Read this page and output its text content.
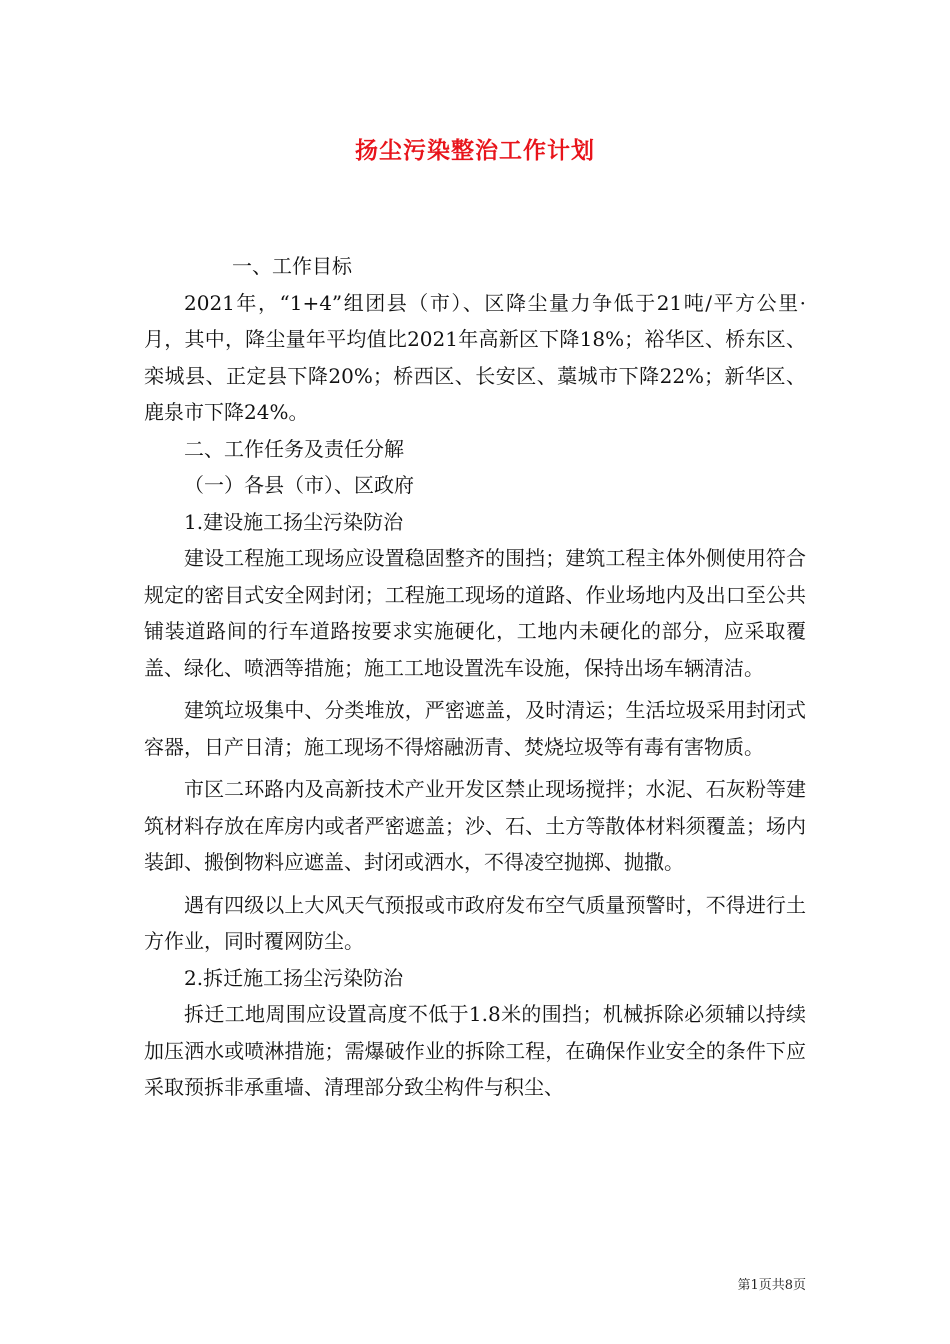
扬尘污染整治工作计划

一、工作目标

2021年，“1+4”组团县（市）、区降尘量力争低于21吨/平方公里·月，其中，降尘量年平均值比2021年高新区下降18%；裕华区、桥东区、栾城县、正定县下降20%；桥西区、长安区、藁城市下降22%；新华区、鹿泉市下降24%。

二、工作任务及责任分解

（一）各县（市）、区政府

1.建设施工扬尘污染防治

建设工程施工现场应设置稳固整齐的围挡；建筑工程主体外侧使用符合规定的密目式安全网封闭；工程施工现场的道路、作业场地内及出口至公共铺装道路间的行车道路按要求实施硬化，工地内未硬化的部分，应采取覆盖、绿化、喷洒等措施；施工工地设置洗车设施，保持出场车辆清洁。

建筑垃圾集中、分类堆放，严密遮盖，及时清运；生活垃圾采用封闭式容器，日产日清；施工现场不得熔融沥青、焚烧垃圾等有毒有害物质。

市区二环路内及高新技术产业开发区禁止现场搅拌；水泥、石灰粉等建筑材料存放在库房内或者严密遮盖；沙、石、土方等散体材料须覆盖；场内装卸、搬倒物料应遮盖、封闭或洒水，不得凌空抛掷、抛撒。

遇有四级以上大风天气预报或市政府发布空气质量预警时，不得进行土方作业，同时覆网防尘。

2.拆迁施工扬尘污染防治

拆迁工地周围应设置高度不低于1.8米的围挡；机械拆除必须辅以持续加压洒水或喷淋措施；需爆破作业的拆除工程，在确保作业安全的条件下应采取预拆非承重墙、清理部分致尘构件与积尘、

第1页共8页
